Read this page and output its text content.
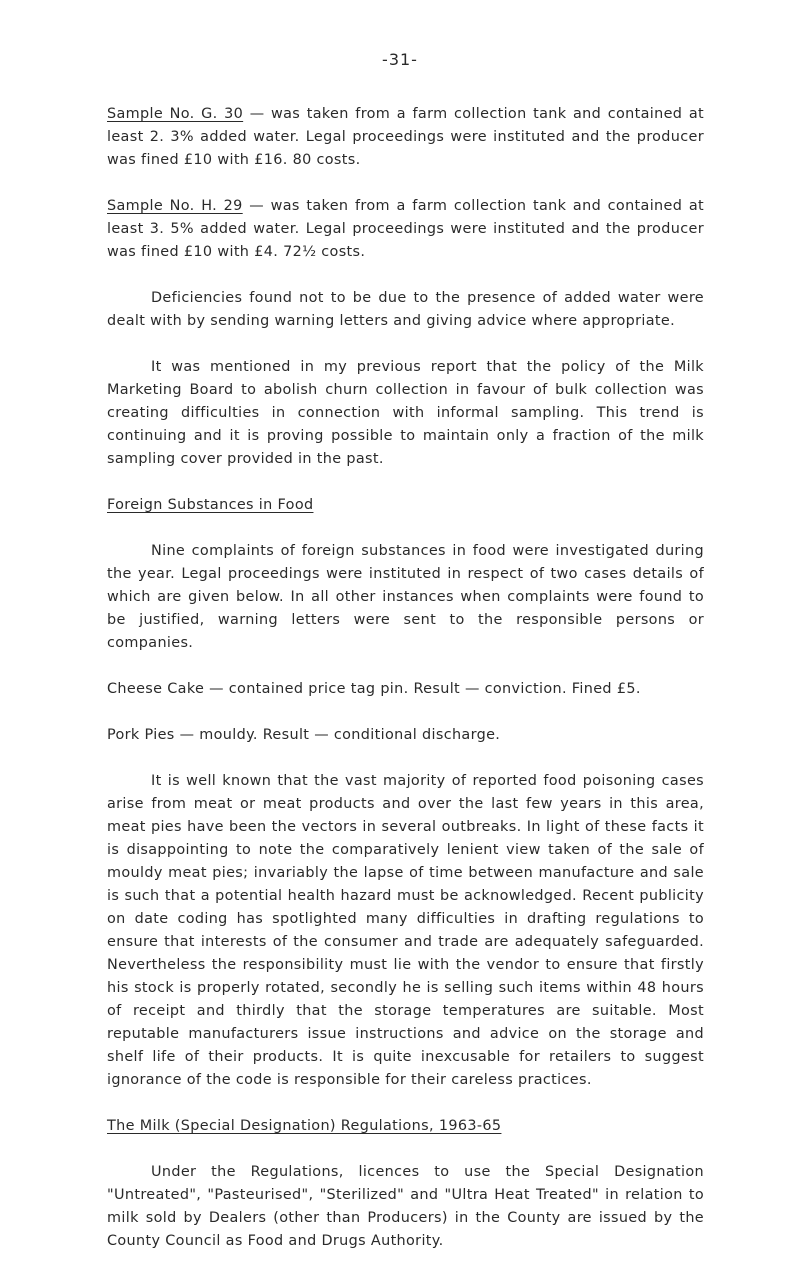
-31-

Sample No. G. 30 — was taken from a farm collection tank and contained at least 2. 3% added water. Legal proceedings were instituted and the producer was fined £10 with £16. 80 costs.

Sample No. H. 29 — was taken from a farm collection tank and contained at least 3. 5% added water. Legal proceedings were instituted and the producer was fined £10 with £4. 72½ costs.

Deficiencies found not to be due to the presence of added water were dealt with by sending warning letters and giving advice where appropriate.

It was mentioned in my previous report that the policy of the Milk Marketing Board to abolish churn collection in favour of bulk collection was creating difficulties in connection with informal sampling. This trend is continuing and it is proving possible to maintain only a fraction of the milk sampling cover provided in the past.

Foreign Substances in Food

Nine complaints of foreign substances in food were investigated during the year. Legal proceedings were instituted in respect of two cases details of which are given below. In all other instances when complaints were found to be justified, warning letters were sent to the responsible persons or companies.

Cheese Cake — contained price tag pin. Result — conviction. Fined £5.

Pork Pies — mouldy. Result — conditional discharge.

It is well known that the vast majority of reported food poisoning cases arise from meat or meat products and over the last few years in this area, meat pies have been the vectors in several outbreaks. In light of these facts it is disappointing to note the comparatively lenient view taken of the sale of mouldy meat pies; invariably the lapse of time between manufacture and sale is such that a potential health hazard must be acknowledged. Recent publicity on date coding has spotlighted many difficulties in drafting regulations to ensure that interests of the consumer and trade are adequately safeguarded. Nevertheless the responsibility must lie with the vendor to ensure that firstly his stock is properly rotated, secondly he is selling such items within 48 hours of receipt and thirdly that the storage temperatures are suitable. Most reputable manufacturers issue instructions and advice on the storage and shelf life of their products. It is quite inexcusable for retailers to suggest ignorance of the code is responsible for their careless practices.

The Milk (Special Designation) Regulations, 1963-65

Under the Regulations, licences to use the Special Designation "Untreated", "Pasteurised", "Sterilized" and "Ultra Heat Treated" in relation to milk sold by Dealers (other than Producers) in the County are issued by the County Council as Food and Drugs Authority.
